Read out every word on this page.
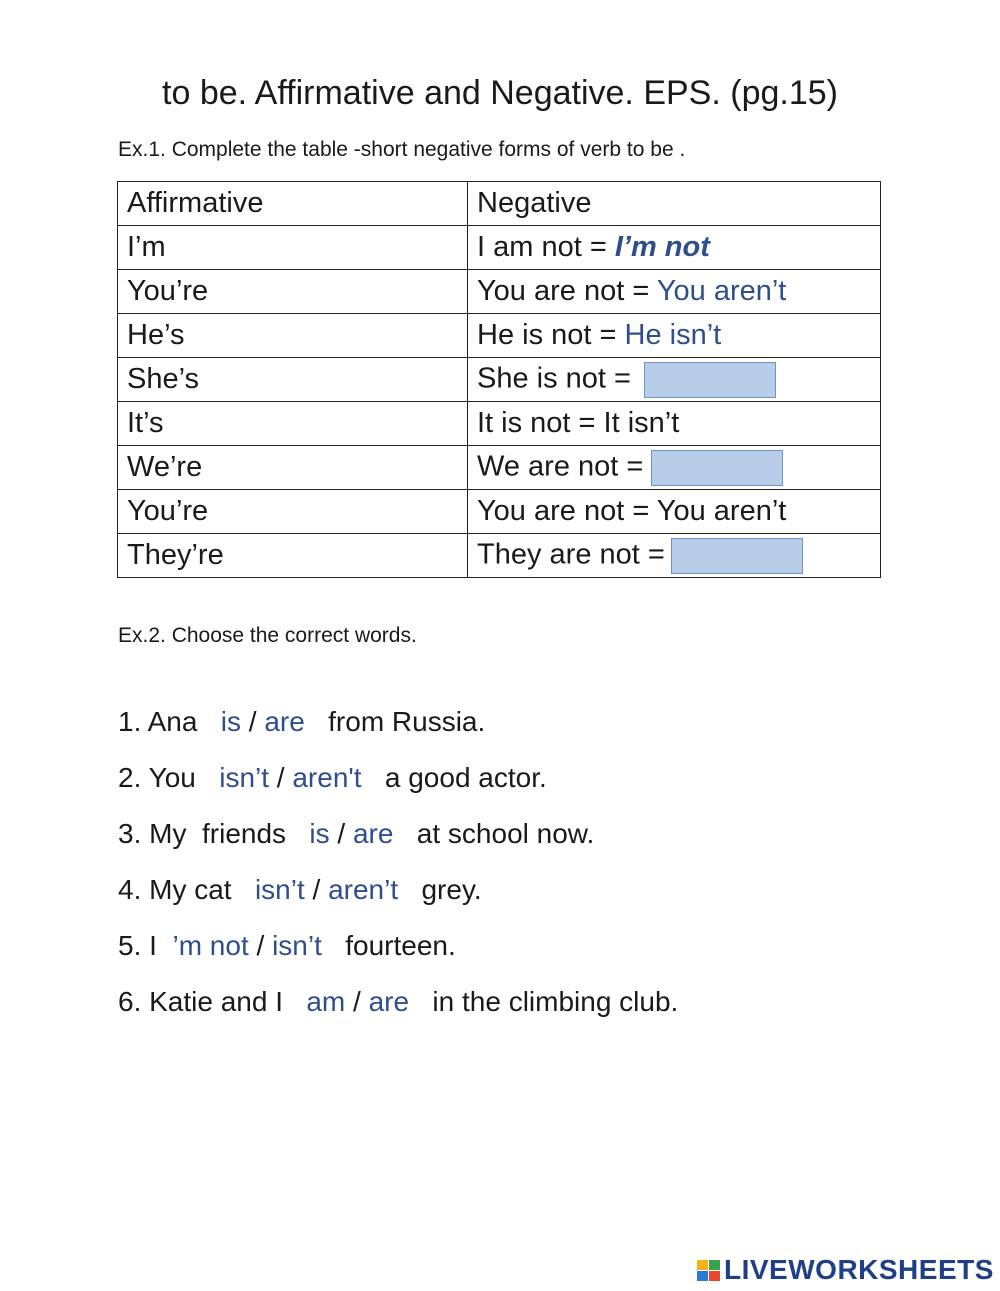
to be. Affirmative and Negative. EPS. (pg.15)
Ex.1. Complete the table -short negative forms of verb to be .
Affirmative	Negative
I’m	I am not = I’m not
You’re	You are not = You aren’t
He’s	He is not = He isn’t
She’s	She is not =
It’s	It is not = It isn’t
We’re	We are not =
You’re	You are not = You aren’t
They’re	They are not =
Ex.2. Choose the correct words.
1. Ana is / are from Russia.
2. You isn’t / aren't a good actor.
3. My  friends is / are at school now.
4. My cat isn’t / aren’t grey.
5. I ’m not / isn’t fourteen.
6. Katie and I am / are in the climbing club.
LIVEWORKSHEETS
